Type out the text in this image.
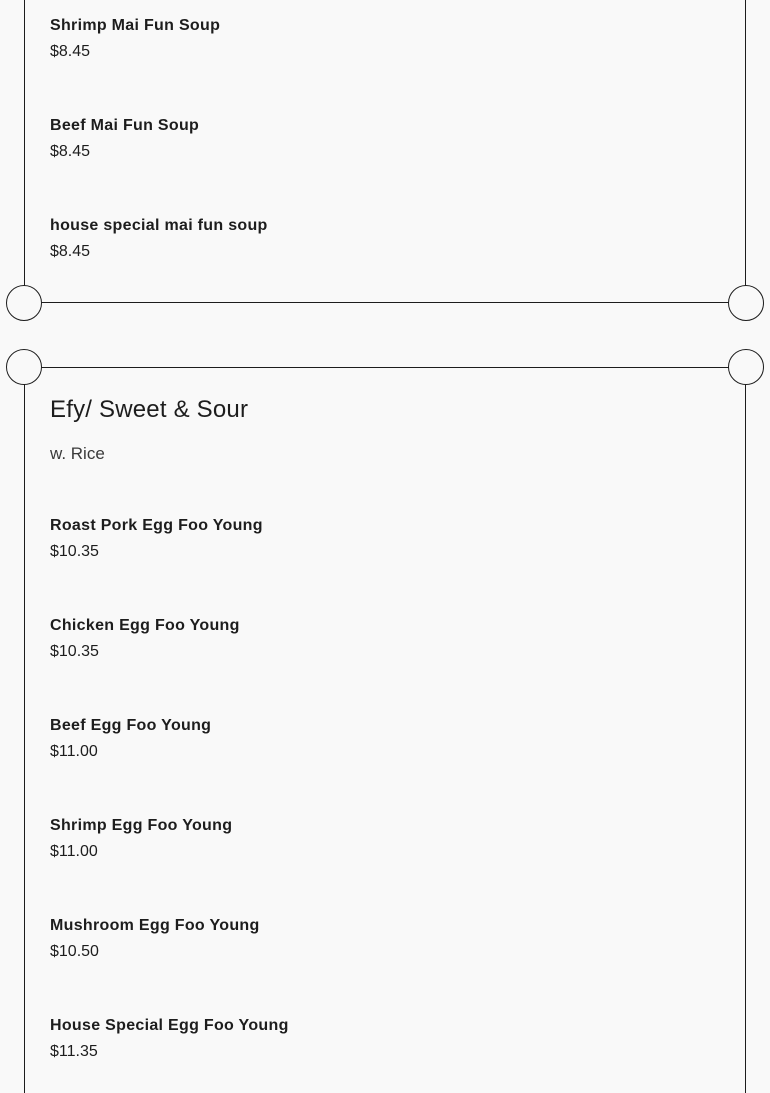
Shrimp Mai Fun Soup
$8.45
Beef Mai Fun Soup
$8.45
house special mai fun soup
$8.45
Efy/ Sweet & Sour

w. Rice

Roast Pork Egg Foo Young
$10.35
Chicken Egg Foo Young
$10.35
Beef Egg Foo Young
$11.00
Shrimp Egg Foo Young
$11.00
Mushroom Egg Foo Young
$10.50
House Special Egg Foo Young
$11.35
